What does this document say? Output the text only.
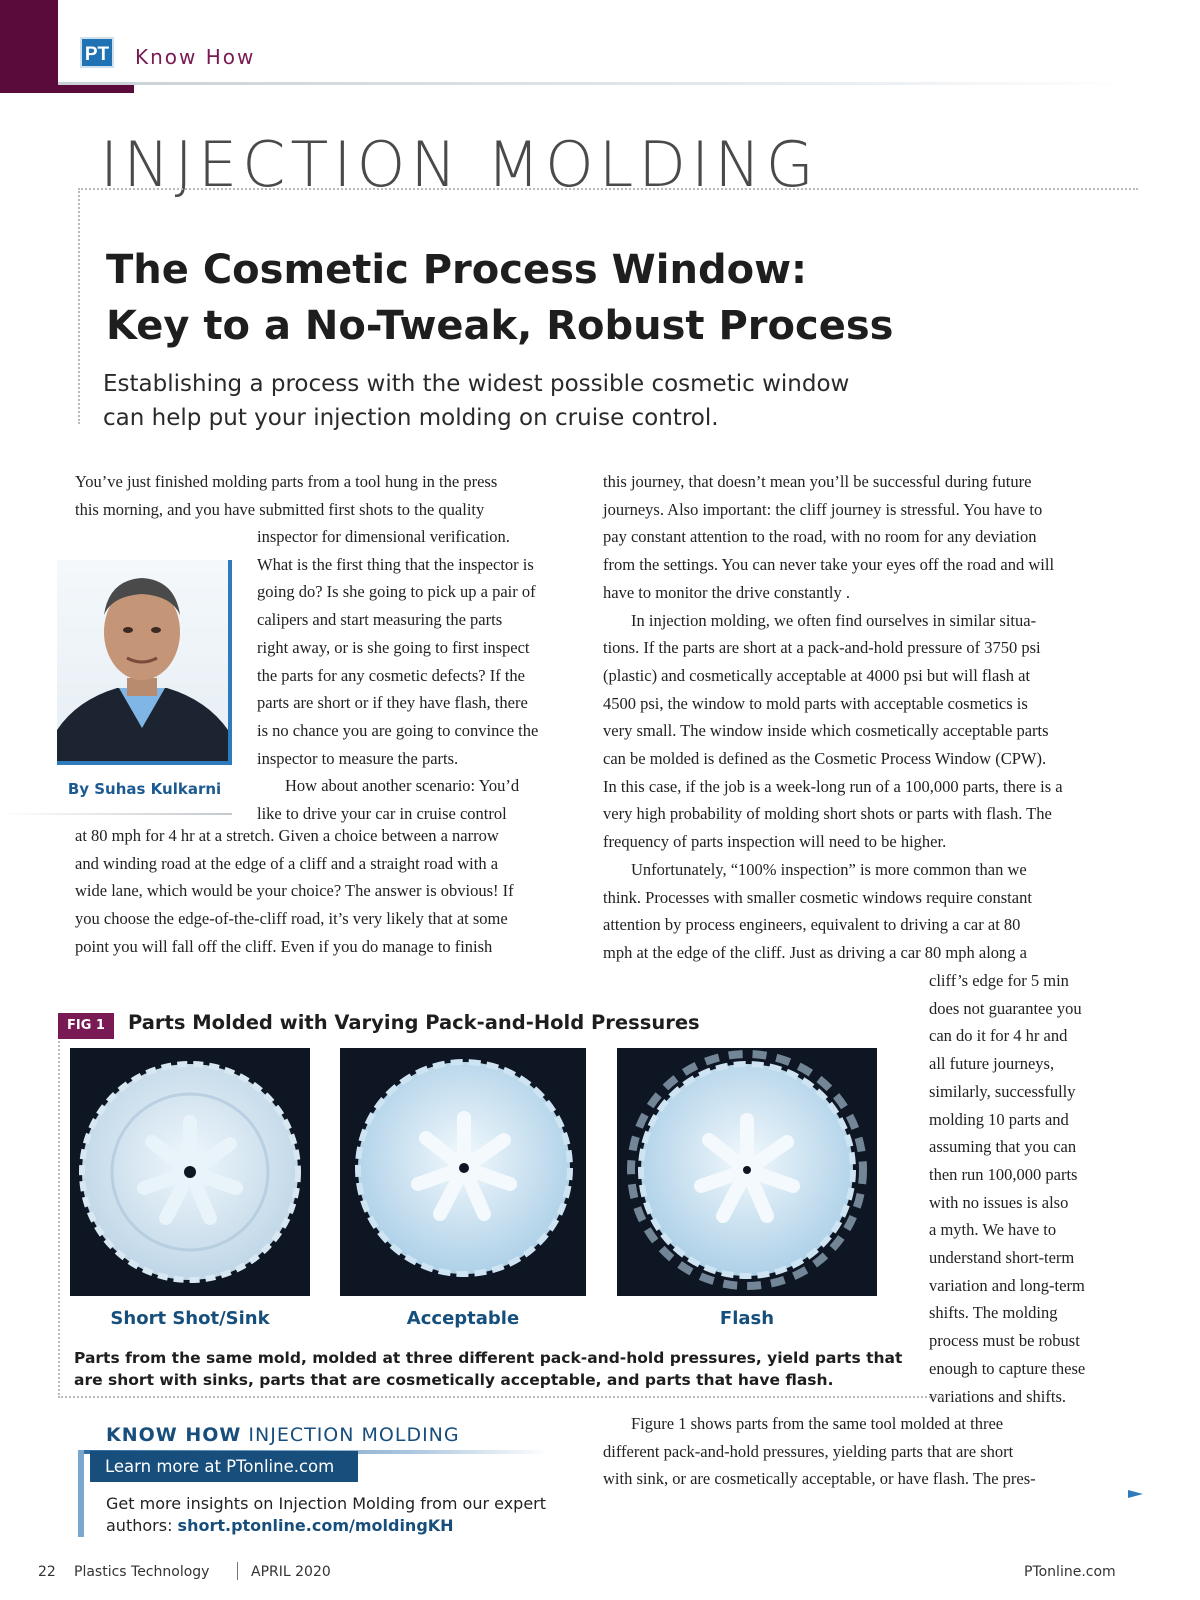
PT Know How
INJECTION MOLDING
The Cosmetic Process Window:
Key to a No-Tweak, Robust Process
Establishing a process with the widest possible cosmetic window
can help put your injection molding on cruise control.
You’ve just finished molding parts from a tool hung in the press
this morning, and you have submitted first shots to the quality
inspector for dimensional verification.
What is the first thing that the inspector is
going do? Is she going to pick up a pair of
calipers and start measuring the parts
right away, or is she going to first inspect
the parts for any cosmetic defects? If the
parts are short or if they have flash, there
is no chance you are going to convince the
inspector to measure the parts.
How about another scenario: You’d
like to drive your car in cruise control
at 80 mph for 4 hr at a stretch. Given a choice between a narrow
and winding road at the edge of a cliff and a straight road with a
wide lane, which would be your choice? The answer is obvious! If
you choose the edge-of-the-cliff road, it’s very likely that at some
point you will fall off the cliff. Even if you do manage to finish
By Suhas Kulkarni
this journey, that doesn’t mean you’ll be successful during future
journeys. Also important: the cliff journey is stressful. You have to
pay constant attention to the road, with no room for any deviation
from the settings. You can never take your eyes off the road and will
have to monitor the drive constantly .
In injection molding, we often find ourselves in similar situa-
tions. If the parts are short at a pack-and-hold pressure of 3750 psi
(plastic) and cosmetically acceptable at 4000 psi but will flash at
4500 psi, the window to mold parts with acceptable cosmetics is
very small. The window inside which cosmetically acceptable parts
can be molded is defined as the Cosmetic Process Window (CPW).
In this case, if the job is a week-long run of a 100,000 parts, there is a
very high probability of molding short shots or parts with flash. The
frequency of parts inspection will need to be higher.
Unfortunately, “100% inspection” is more common than we
think. Processes with smaller cosmetic windows require constant
attention by process engineers, equivalent to driving a car at 80
mph at the edge of the cliff. Just as driving a car 80 mph along a
cliff’s edge for 5 min
does not guarantee you
can do it for 4 hr and
all future journeys,
similarly, successfully
molding 10 parts and
assuming that you can
then run 100,000 parts
with no issues is also
a myth. We have to
understand short-term
variation and long-term
shifts. The molding
process must be robust
enough to capture these
variations and shifts.
Figure 1 shows parts from the same tool molded at three
different pack-and-hold pressures, yielding parts that are short
with sink, or are cosmetically acceptable, or have flash. The pres-
FIG 1	Parts Molded with Varying Pack-and-Hold Pressures
Short Shot/Sink	Acceptable	Flash
Parts from the same mold, molded at three different pack-and-hold pressures, yield parts that are short with sinks, parts that are cosmetically acceptable, and parts that have flash.
KNOW HOW INJECTION MOLDING
Learn more at PTonline.com
Get more insights on Injection Molding from our expert authors: short.ptonline.com/moldingKH
22 Plastics Technology	APRIL 2020	PTonline.com
